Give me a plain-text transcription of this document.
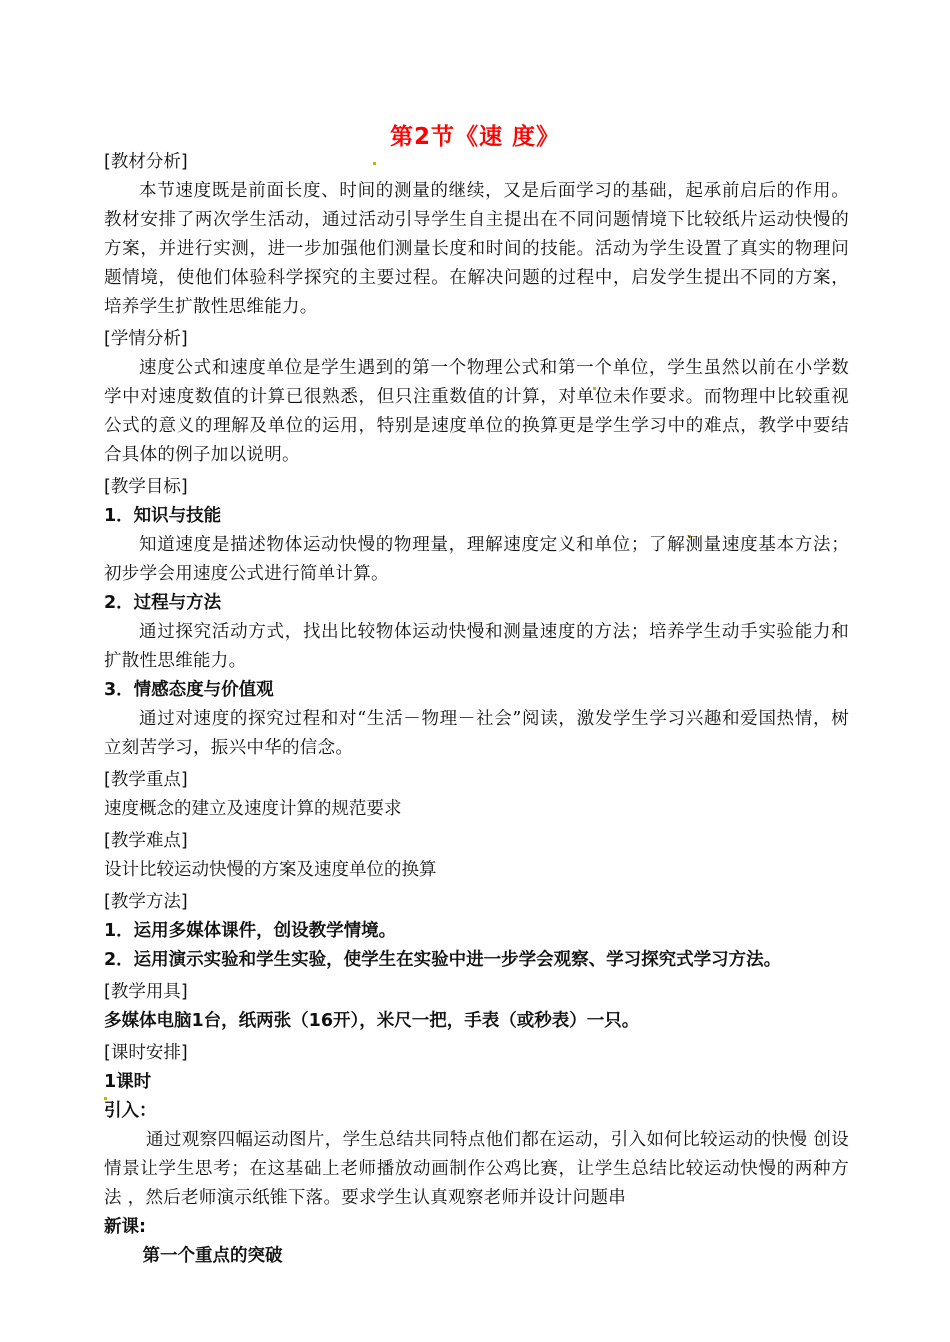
第2节《速 度》
[教材分析]
本节速度既是前面长度、时间的测量的继续，又是后面学习的基础，起承前启后的作用。教材安排了两次学生活动，通过活动引导学生自主提出在不同问题情境下比较纸片运动快慢的方案，并进行实测，进一步加强他们测量长度和时间的技能。活动为学生设置了真实的物理问题情境，使他们体验科学探究的主要过程。在解决问题的过程中，启发学生提出不同的方案，培养学生扩散性思维能力。
[学情分析]
速度公式和速度单位是学生遇到的第一个物理公式和第一个单位，学生虽然以前在小学数学中对速度数值的计算已很熟悉，但只注重数值的计算，对单位未作要求。而物理中比较重视公式的意义的理解及单位的运用，特别是速度单位的换算更是学生学习中的难点，教学中要结合具体的例子加以说明。
[教学目标]
1．知识与技能
知道速度是描述物体运动快慢的物理量，理解速度定义和单位；了解测量速度基本方法；初步学会用速度公式进行简单计算。
2．过程与方法
通过探究活动方式，找出比较物体运动快慢和测量速度的方法；培养学生动手实验能力和扩散性思维能力。
3．情感态度与价值观
通过对速度的探究过程和对“生活－物理－社会”阅读，激发学生学习兴趣和爱国热情，树立刻苦学习，振兴中华的信念。
[教学重点]
速度概念的建立及速度计算的规范要求
[教学难点]
设计比较运动快慢的方案及速度单位的换算
[教学方法]
1．运用多媒体课件，创设教学情境。
2．运用演示实验和学生实验，使学生在实验中进一步学会观察、学习探究式学习方法。
[教学用具]
多媒体电脑1台，纸两张（16开），米尺一把，手表（或秒表）一只。
[课时安排]
1课时
引入：
通过观察四幅运动图片，学生总结共同特点他们都在运动，引入如何比较运动的快慢 创设情景让学生思考；在这基础上老师播放动画制作公鸡比赛，让学生总结比较运动快慢的两种方法 ，然后老师演示纸锥下落。要求学生认真观察老师并设计问题串
新课:
第一个重点的突破
